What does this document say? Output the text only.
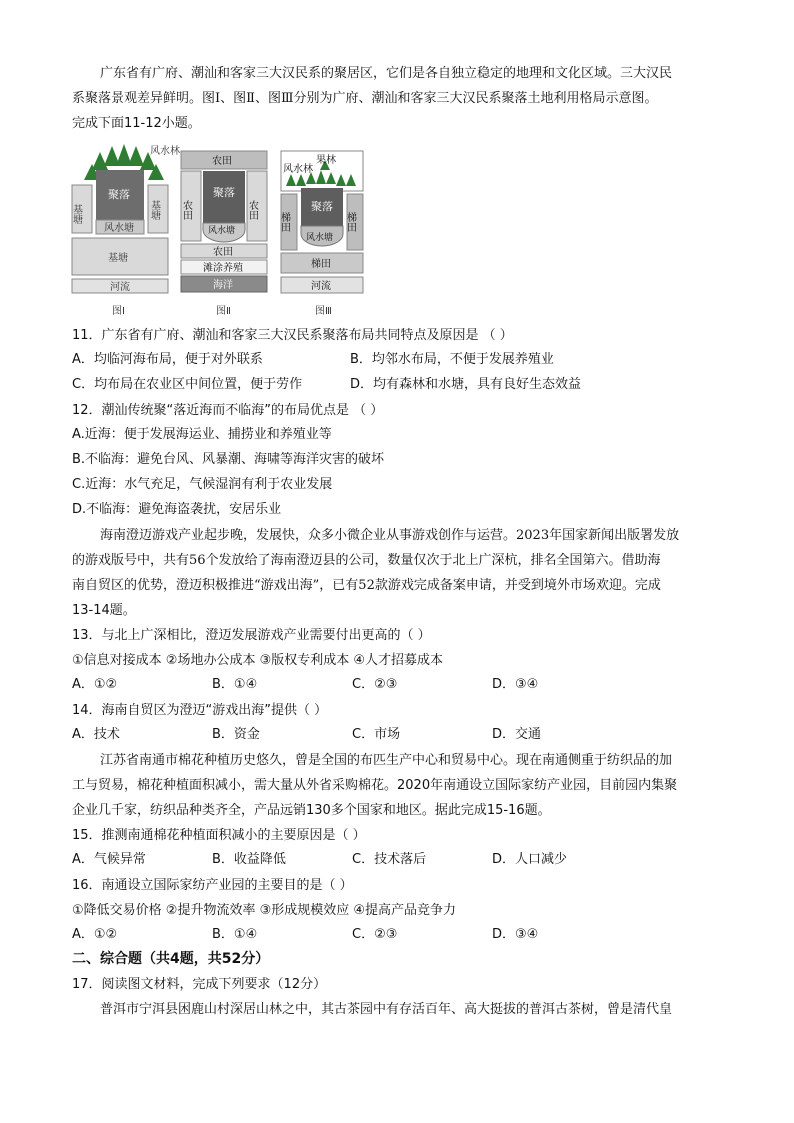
广东省有广府、潮汕和客家三大汉民系的聚居区，它们是各自独立稳定的地理和文化区域。三大汉民
系聚落景观差异鲜明。图Ⅰ、图Ⅱ、图Ⅲ分别为广府、潮汕和客家三大汉民系聚落土地利用格局示意图。
完成下面11-12小题。
风水林
基塘	基塘
聚落
风水塘
基塘
河流
图Ⅰ
农田
农田	农田
聚落
风水塘
农田
滩涂养殖
海洋
图Ⅱ
果林
风水林
梯田	梯田
聚落
风水塘
梯田
河流
图Ⅲ
11．广东省有广府、潮汕和客家三大汉民系聚落布局共同特点及原因是 （ ）
A．均临河海布局，便于对外联系	B．均邻水布局，不便于发展养殖业
C．均布局在农业区中间位置，便于劳作	D．均有森林和水塘，具有良好生态效益
12．潮汕传统聚“落近海而不临海”的布局优点是 （ ）
A.近海：便于发展海运业、捕捞业和养殖业等
B.不临海：避免台风、风暴潮、海啸等海洋灾害的破坏
C.近海：水气充足，气候湿润有利于农业发展
D.不临海：避免海盗袭扰，安居乐业
海南澄迈游戏产业起步晚，发展快，众多小微企业从事游戏创作与运营。2023年国家新闻出版署发放
的游戏版号中，共有56个发放给了海南澄迈县的公司，数量仅次于北上广深杭，排名全国第六。借助海
南自贸区的优势，澄迈积极推进“游戏出海”，已有52款游戏完成备案申请，并受到境外市场欢迎。完成
13-14题。
13．与北上广深相比，澄迈发展游戏产业需要付出更高的（ ）
①信息对接成本 ②场地办公成本 ③版权专利成本 ④人才招募成本
A．①②	B．①④	C．②③	D．③④
14．海南自贸区为澄迈“游戏出海”提供（ ）
A．技术	B．资金	C．市场	D．交通
江苏省南通市棉花种植历史悠久，曾是全国的布匹生产中心和贸易中心。现在南通侧重于纺织品的加
工与贸易，棉花种植面积减小，需大量从外省采购棉花。2020年南通设立国际家纺产业园，目前园内集聚
企业几千家，纺织品种类齐全，产品远销130多个国家和地区。据此完成15-16题。
15．推测南通棉花种植面积减小的主要原因是（ ）
A．气候异常	B．收益降低	C．技术落后	D．人口减少
16．南通设立国际家纺产业园的主要目的是（ ）
①降低交易价格 ②提升物流效率 ③形成规模效应 ④提高产品竞争力
A．①②	B．①④	C．②③	D．③④
二、综合题（共4题，共52分）
17．阅读图文材料，完成下列要求（12分）
普洱市宁洱县困鹿山村深居山林之中，其古茶园中有存活百年、高大挺拔的普洱古茶树，曾是清代皇
